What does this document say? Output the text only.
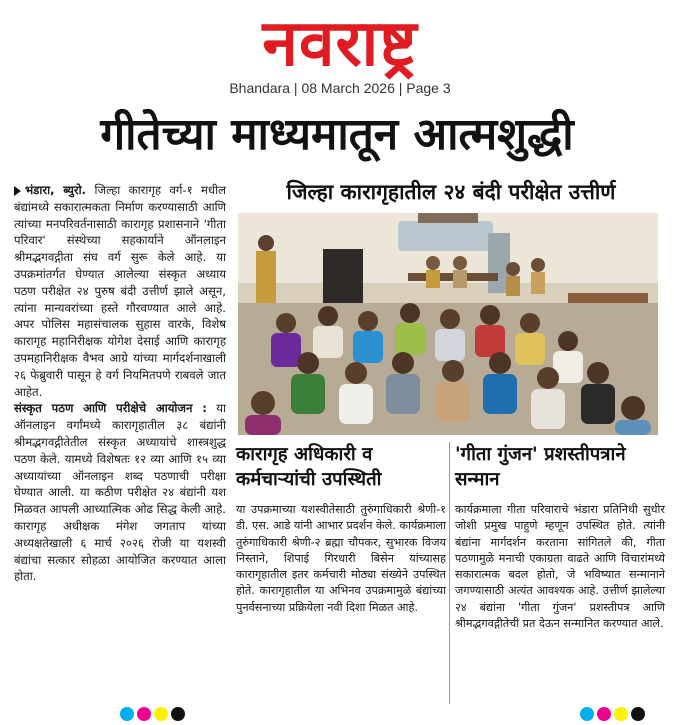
नवराष्ट्र
Bhandara | 08 March 2026 | Page 3
गीतेच्या माध्यमातून आत्मशुद्धी
जिल्हा कारागृहातील २४ बंदी परीक्षेत उत्तीर्ण

भंडारा, ब्युरो. जिल्हा कारागृह वर्ग-१ मधील बंद्यांमध्ये सकारात्मकता निर्माण करण्यासाठी आणि त्यांच्या मनपरिवर्तनासाठी कारागृह प्रशासनाने 'गीता परिवार' संस्थेच्या सहकार्याने ऑनलाइन श्रीमद्भगवद्गीता संघ वर्ग सुरू केले आहे. या उपक्रमांतर्गत घेण्यात आलेल्या संस्कृत अध्याय पठण परीक्षेत २४ पुरुष बंदी उत्तीर्ण झाले असून, त्यांना मान्यवरांच्या हस्ते गौरवण्यात आले आहे. अपर पोलिस महासंचालक सुहास वारके, विशेष कारागृह महानिरीक्षक योगेश देसाई आणि कारागृह उपमहानिरीक्षक वैभव आग्रे यांच्या मार्गदर्शनाखाली २६ फेब्रुवारी पासून हे वर्ग नियमितपणे राबवले जात आहेत.

संस्कृत पठण आणि परीक्षेचे आयोजन : या ऑनलाइन वर्गांमध्ये कारागृहातील ३८ बंद्यांनी श्रीमद्भगवद्गीतेतील संस्कृत अध्यायांचे शास्त्रशुद्ध पठण केले. यामध्ये विशेषतः १२ व्या आणि १५ व्या अध्यायांच्या ऑनलाइन शब्द पठणाची परीक्षा घेण्यात आली. या कठीण परीक्षेत २४ बंद्यांनी यश मिळवत आपली आध्यात्मिक ओढ सिद्ध केली आहे. कारागृह अधीक्षक मंगेश जगताप यांच्या अध्यक्षतेखाली ६ मार्च २०२६ रोजी या यशस्वी बंद्यांचा सत्कार सोहळा आयोजित करण्यात आला होता.

कारागृह अधिकारी व कर्मचाऱ्यांची उपस्थिती
या उपक्रमाच्या यशस्वीतेसाठी तुरुंगाधिकारी श्रेणी-१ डी. एस. आडे यांनी आभार प्रदर्शन केले. कार्यक्रमाला तुरुंगाधिकारी श्रेणी-२ ब्रह्मा चौपकर, सुभारक विजय निस्ताने, शिपाई गिरधारी बिसेन यांच्यासह कारागृहातील इतर कर्मचारी मोठ्या संख्येने उपस्थित होते. कारागृहातील या अभिनव उपक्रमामुळे बंद्यांच्या पुनर्वसनाच्या प्रक्रियेला नवी दिशा मिळत आहे.
'गीता गुंजन' प्रशस्तीपत्राने सन्मान
कार्यक्रमाला गीता परिवाराचे भंडारा प्रतिनिधी सुधीर जोशी प्रमुख पाहुणे म्हणून उपस्थित होते. त्यांनी बंद्यांना मार्गदर्शन करताना सांगितले की, गीता पठणामुळे मनाची एकाग्रता वाढते आणि विचारांमध्ये सकारात्मक बदल होतो, जे भविष्यात सन्मानाने जगण्यासाठी अत्यंत आवश्यक आहे. उत्तीर्ण झालेल्या २४ बंद्यांना 'गीता गुंजन' प्रशस्तीपत्र आणि श्रीमद्भगवद्गीतेची प्रत देऊन सन्मानित करण्यात आले.
